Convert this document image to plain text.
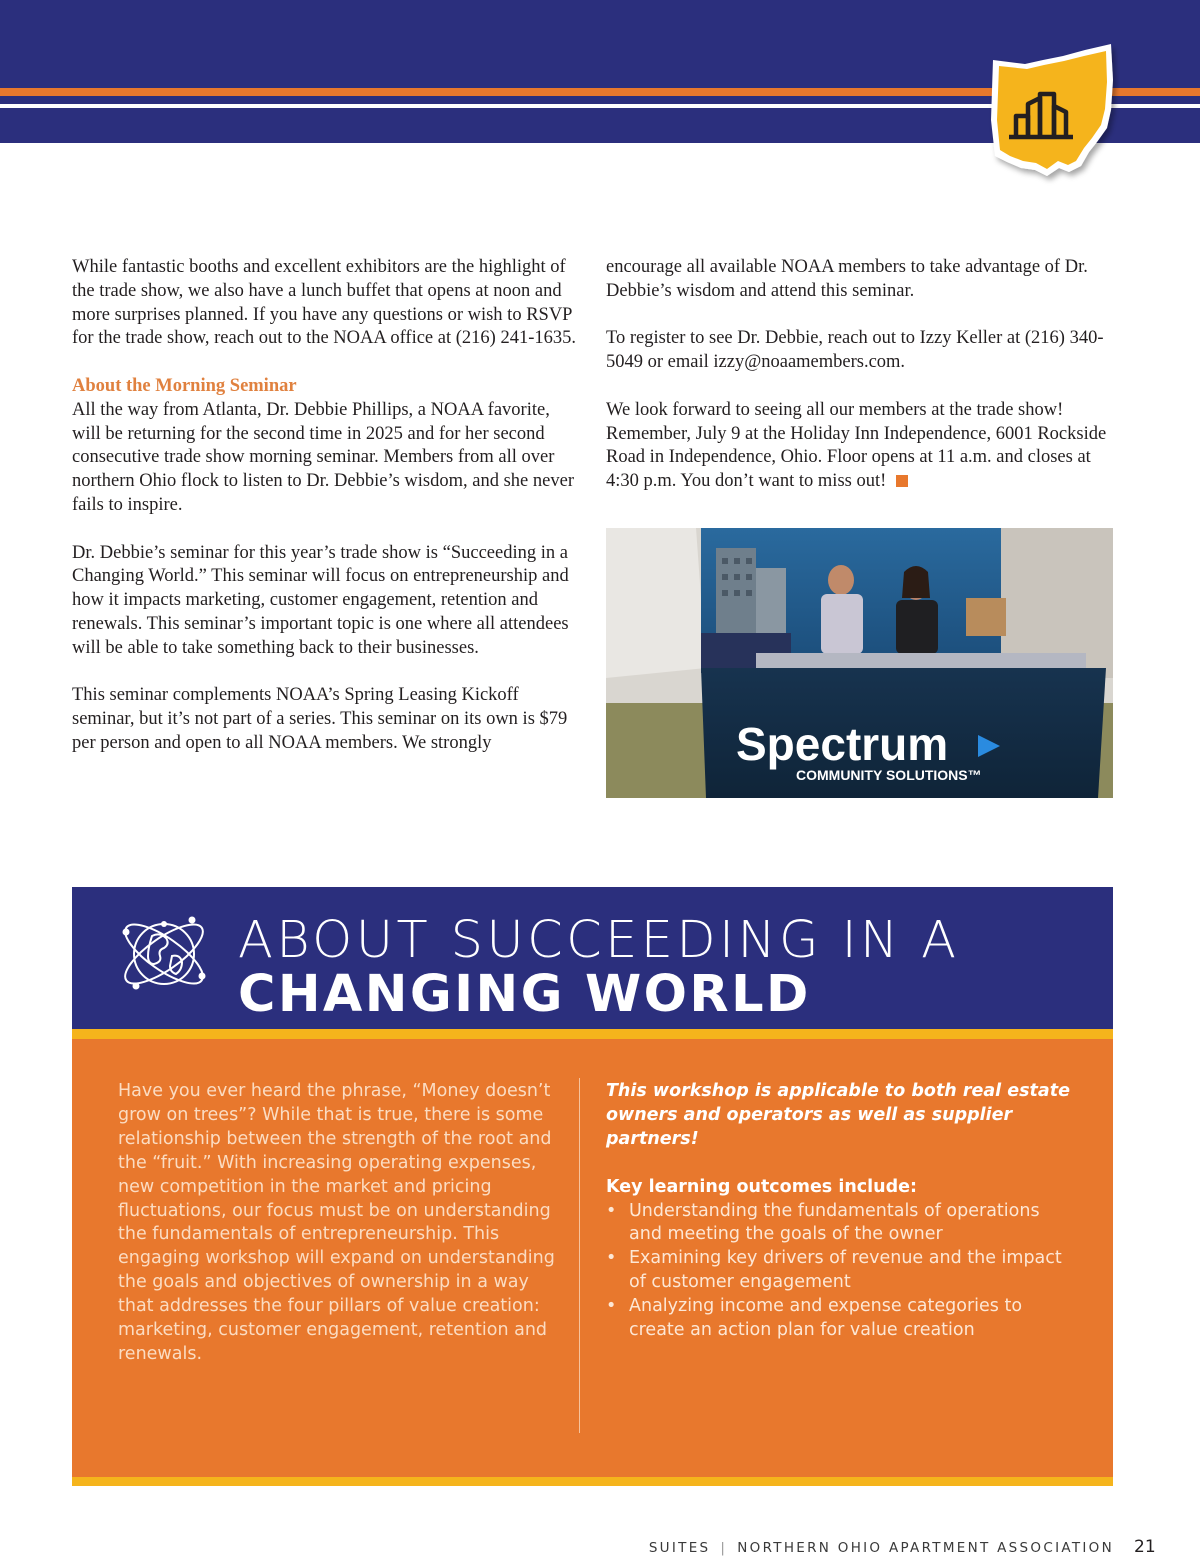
While fantastic booths and excellent exhibitors are the highlight of the trade show, we also have a lunch buffet that opens at noon and more surprises planned. If you have any questions or wish to RSVP for the trade show, reach out to the NOAA office at (216) 241-1635.

About the Morning Seminar

All the way from Atlanta, Dr. Debbie Phillips, a NOAA favorite, will be returning for the second time in 2025 and for her second consecutive trade show morning seminar. Members from all over northern Ohio flock to listen to Dr. Debbie’s wisdom, and she never fails to inspire.

Dr. Debbie’s seminar for this year’s trade show is “Succeeding in a Changing World.” This seminar will focus on entrepreneurship and how it impacts marketing, customer engagement, retention and renewals. This seminar’s important topic is one where all attendees will be able to take something back to their businesses.

This seminar complements NOAA’s Spring Leasing Kickoff seminar, but it’s not part of a series. This seminar on its own is $79 per person and open to all NOAA members. We strongly

encourage all available NOAA members to take advantage of Dr. Debbie’s wisdom and attend this seminar.

To register to see Dr. Debbie, reach out to Izzy Keller at (216) 340-5049 or email izzy@noaamembers.com.

We look forward to seeing all our members at the trade show! Remember, July 9 at the Holiday Inn Independence, 6001 Rockside Road in Independence, Ohio. Floor opens at 11 a.m. and closes at 4:30 p.m. You don’t want to miss out!

Spectrum
COMMUNITY SOLUTIONS™
ABOUT SUCCEEDING IN A
CHANGING WORLD
Have you ever heard the phrase, “Money doesn’t grow on trees”? While that is true, there is some relationship between the strength of the root and the “fruit.” With increasing operating expenses, new competition in the market and pricing fluctuations, our focus must be on understanding the fundamentals of entrepreneurship. This engaging workshop will expand on understanding the goals and objectives of ownership in a way that addresses the four pillars of value creation: marketing, customer engagement, retention and renewals.
This workshop is applicable to both real estate owners and operators as well as supplier partners!
Key learning outcomes include:
• Understanding the fundamentals of operations and meeting the goals of the owner
• Examining key drivers of revenue and the impact of customer engagement
• Analyzing income and expense categories to create an action plan for value creation
SUITES | NORTHERN OHIO APARTMENT ASSOCIATION 21
